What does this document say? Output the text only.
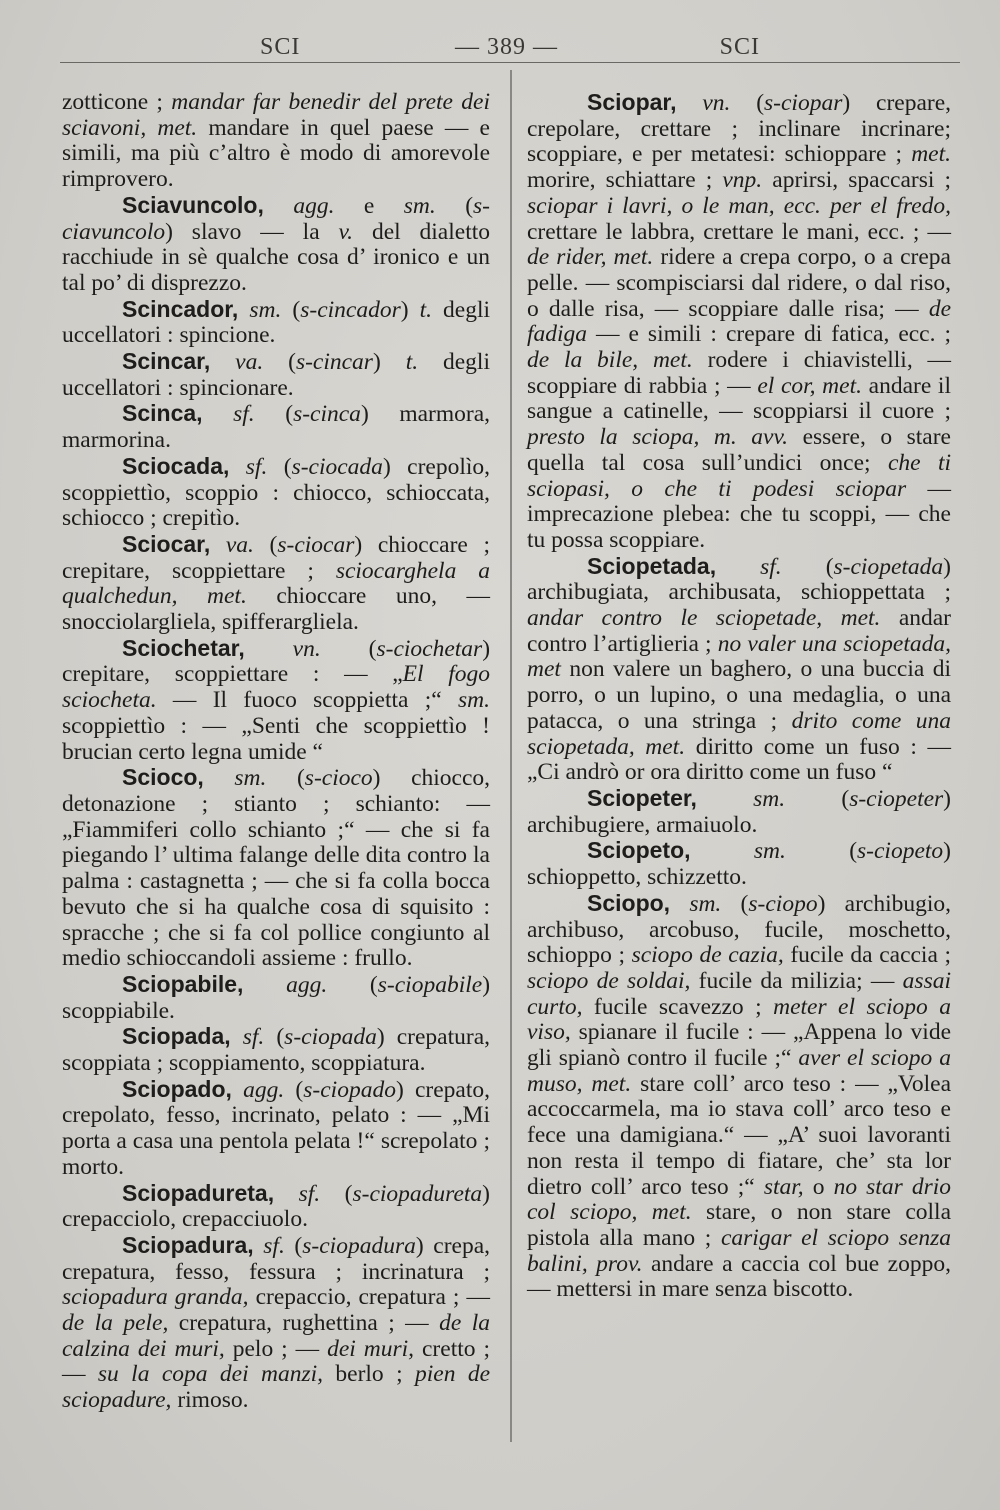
SCI	— 389 —	SCI

zotticone ; mandar far benedir del prete dei sciavoni, met. mandare in quel paese — e simili, ma più c’altro è modo di amorevole rimprovero.

Sciavuncolo, agg. e sm. (s-ciavuncolo) slavo — la v. del dialetto racchiude in sè qualche cosa d’ ironico e un tal po’ di disprezzo.

Scincador, sm. (s-cincador) t. degli uccellatori : spincione.

Scincar, va. (s-cincar) t. degli uccellatori : spincionare.

Scinca, sf. (s-cinca) marmora, marmorina.

Sciocada, sf. (s-ciocada) crepolìo, scoppiettìo, scoppio : chiocco, schioccata, schiocco ; crepitìo.

Sciocar, va. (s-ciocar) chioccare ; crepitare, scoppiettare ; sciocarghela a qualchedun, met. chioccare uno, — snocciolargliela, spifferargliela.

Sciochetar, vn. (s-ciochetar) crepitare, scoppiettare : — „El fogo sciocheta. — Il fuoco scoppietta ;“ sm. scoppiettìo : — „Senti che scoppiettìo ! brucian certo legna umide “

Scioco, sm. (s-cioco) chiocco, detonazione ; stianto ; schianto: — „Fiammiferi collo schianto ;“ — che si fa piegando l’ ultima falange delle dita contro la palma : castagnetta ; — che si fa colla bocca bevuto che si ha qualche cosa di squisito : spracche ; che si fa col pollice congiunto al medio schioccandoli assieme : frullo.

Sciopabile, agg. (s-ciopabile) scoppiabile.

Sciopada, sf. (s-ciopada) crepatura, scoppiata ; scoppiamento, scoppiatura.

Sciopado, agg. (s-ciopado) crepato, crepolato, fesso, incrinato, pelato : — „Mi porta a casa una pentola pelata !“ screpolato ; morto.

Sciopadureta, sf. (s-ciopadureta) crepacciolo, crepacciuolo.

Sciopadura, sf. (s-ciopadura) crepa, crepatura, fesso, fessura ; incrinatura ; sciopadura granda, crepaccio, crepatura ; — de la pele, crepatura, rughettina ; — de la calzina dei muri, pelo ; — dei muri, cretto ; — su la copa dei manzi, berlo ; pien de sciopadure, rimoso.

Sciopar, vn. (s-ciopar) crepare, crepolare, crettare ; inclinare incrinare; scoppiare, e per metatesi: schioppare ; met. morire, schiattare ; vnp. aprirsi, spaccarsi ; sciopar i lavri, o le man, ecc. per el fredo, crettare le labbra, crettare le mani, ecc. ; — de rider, met. ridere a crepa corpo, o a crepa pelle. — scompisciarsi dal ridere, o dal riso, o dalle risa, — scoppiare dalle risa; — de fadiga — e simili : crepare di fatica, ecc. ; de la bile, met. rodere i chiavistelli, — scoppiare di rabbia ; — el cor, met. andare il sangue a catinelle, — scoppiarsi il cuore ; presto la sciopa, m. avv. essere, o stare quella tal cosa sull’undici once; che ti sciopasi, o che ti podesi sciopar — imprecazione plebea: che tu scoppi, — che tu possa scoppiare.

Sciopetada, sf. (s-ciopetada) archibugiata, archibusata, schioppettata ; andar contro le sciopetade, met. andar contro l’artiglieria ; no valer una sciopetada, met non valere un bagherо, o una buccia di porro, o un lupino, o una medaglia, o una patacca, o una stringa ; drito come una sciopetada, met. diritto come un fuso : — „Ci andrò or ora diritto come un fuso “

Sciopeter, sm. (s-ciopeter) archibugiere, armaiuolo.

Sciopeto,	sm. (s-ciopeto) schioppetto, schizzetto.

Sciopo, sm. (s-ciopo) archibugio, archibuso, arcobuso, fucile, moschetto, schioppo ; sciopo de cazia, fucile da caccia ; sciopo de soldai, fucile da milizia; — assai curto, fucile scavezzo ; meter el sciopo a viso, spianare il fucile : — „Appena lo vide gli spianò contro il fucile ;“ aver el sciopo a muso, met. stare coll’ arco teso : — „Volea accoccarmela, ma io stava coll’ arco teso e fece una damigiana.“ — „A’ suoi lavoranti non resta il tempo di fiatare, che’ sta lor dietro coll’ arco teso ;“ star, o no star drio col sciopo, met. stare, o non stare colla pistola alla mano ; carigar el sciopo senza balini, prov. andare a caccia col bue zoppo, — mettersi in mare senza biscotto.
